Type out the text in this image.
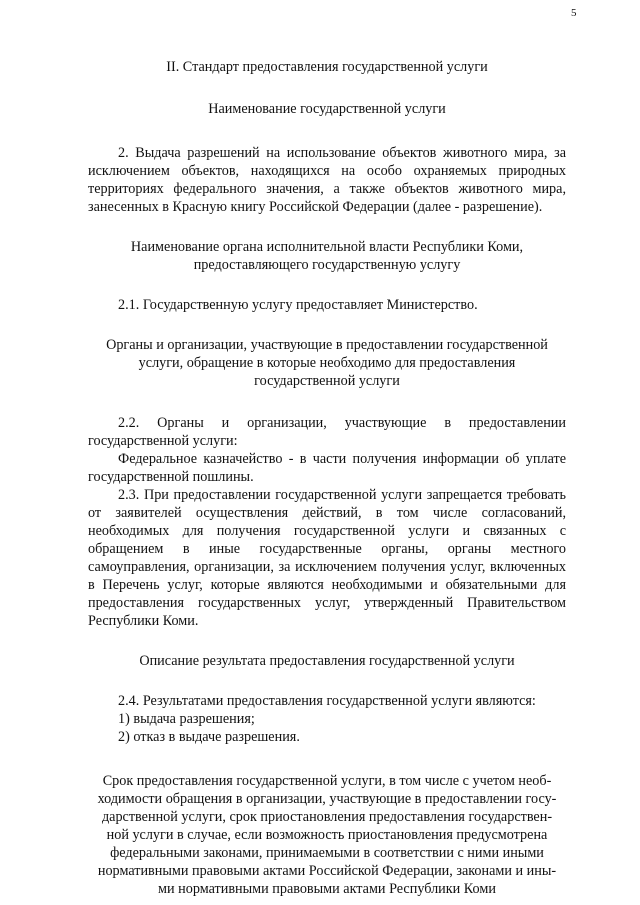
5

II. Стандарт предоставления государственной услуги

Наименование государственной услуги

2. Выдача разрешений на использование объектов животного мира, за исключением объектов, находящихся на особо охраняемых природных территориях федерального значения, а также объектов животного мира, занесенных в Красную книгу Российской Федерации (далее - разрешение).

Наименование органа исполнительной власти Республики Коми,
предоставляющего государственную услугу

2.1. Государственную услугу предоставляет Министерство.

Органы и организации, участвующие в предоставлении государственной
услуги, обращение в которые необходимо для предоставления
государственной услуги

2.2. Органы и организации, участвующие в предоставлении государственной услуги:

Федеральное казначейство - в части получения информации об уплате государственной пошлины.

2.3. При предоставлении государственной услуги запрещается требовать от заявителей осуществления действий, в том числе согласований, необходимых для получения государственной услуги и связанных с обращением в иные государственные органы, органы местного самоуправления, организации, за исключением получения услуг, включенных в Перечень услуг, которые являются необходимыми и обязательными для предоставления государственных услуг, утвержденный Правительством Республики Коми.

Описание результата предоставления государственной услуги

2.4. Результатами предоставления государственной услуги являются:

1) выдача разрешения;

2) отказ в выдаче разрешения.

Срок предоставления государственной услуги, в том числе с учетом необ-
ходимости обращения в организации, участвующие в предоставлении госу-
дарственной услуги, срок приостановления предоставления государствен-
ной услуги в случае, если возможность приостановления предусмотрена
федеральными законами, принимаемыми в соответствии с ними иными
нормативными правовыми актами Российской Федерации, законами и ины-
ми нормативными правовыми актами Республики Коми
